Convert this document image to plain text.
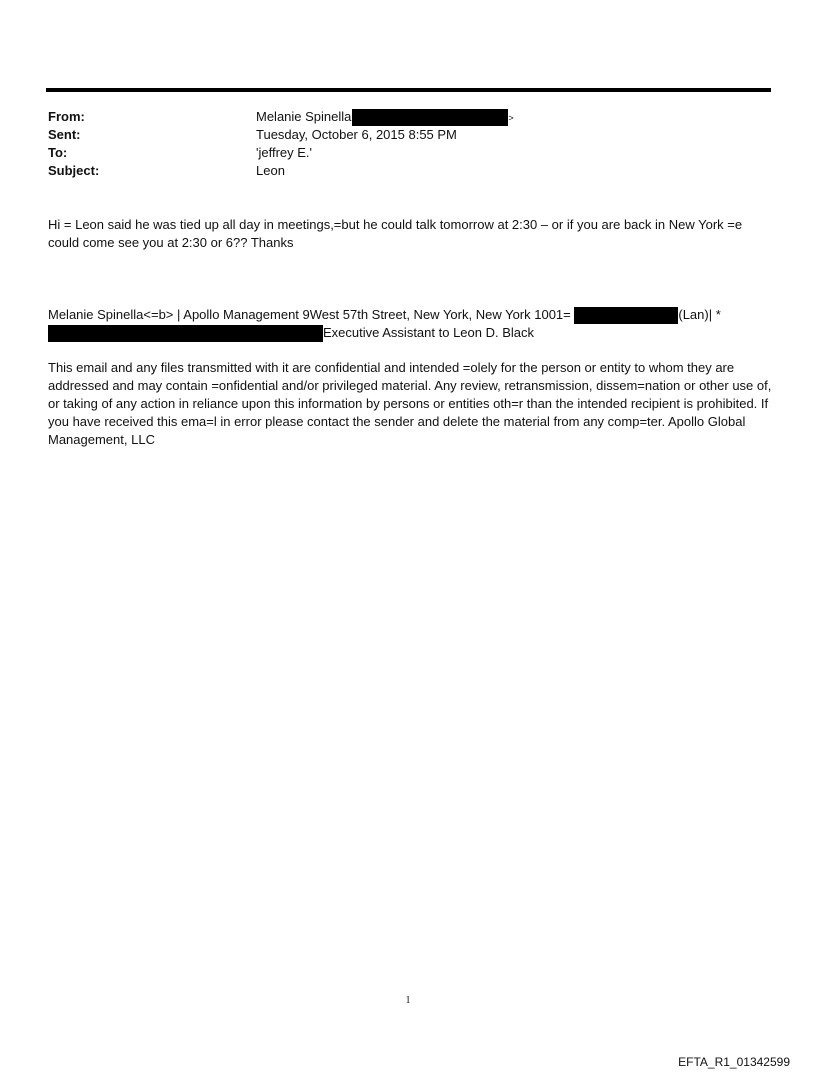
From:	Melanie Spinella	>
Sent:	Tuesday, October 6, 2015 8:55 PM
To:	'jeffrey E.'
Subject:	Leon
Hi = Leon said he was tied up all day in meetings,=but he could talk tomorrow at 2:30 – or if you are back in New York =e could come see you at 2:30 or 6?? Thanks
Melanie Spinella<=b> | Apollo Management 9West 57th Street, New York, New York 1001=	(Lan)| *
Executive Assistant to Leon D. Black
This email and any files transmitted with it are confidential and intended =olely for the person or entity to whom they are addressed and may contain =onfidential and/or privileged material. Any review, retransmission, dissem=nation or other use of, or taking of any action in reliance upon this information by persons or entities oth=r than the intended recipient is prohibited. If you have received this ema=l in error please contact the sender and delete the material from any comp=ter. Apollo Global Management, LLC
1
EFTA_R1_01342599
